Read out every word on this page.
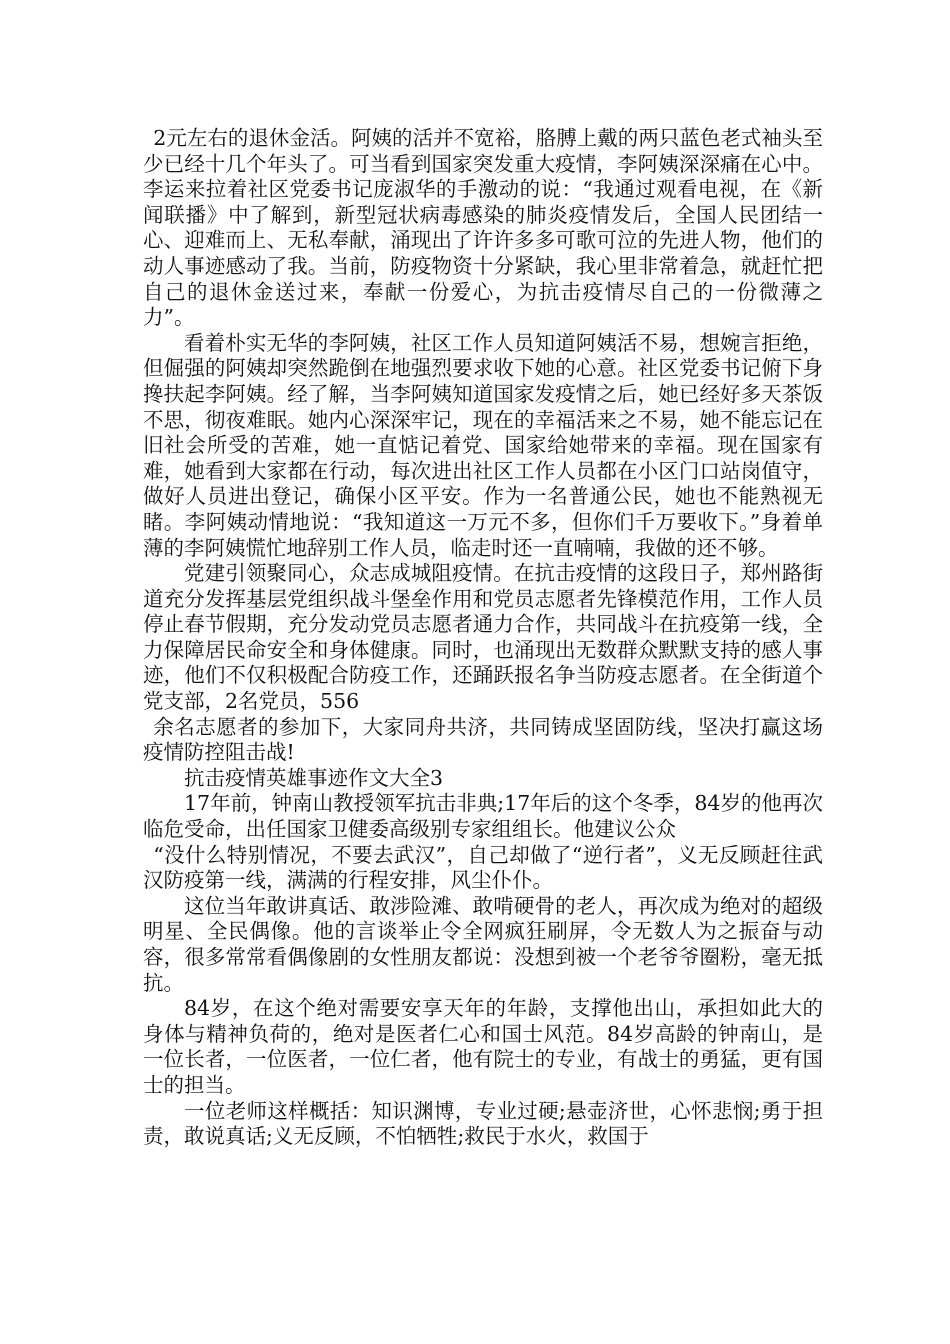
2元左右的退休金活。阿姨的活并不宽裕，胳膊上戴的两只蓝色老式袖头至少已经十几个年头了。可当看到国家突发重大疫情，李阿姨深深痛在心中。李运来拉着社区党委书记庞淑华的手激动的说：“我通过观看电视，在《新闻联播》中了解到，新型冠状病毒感染的肺炎疫情发后，全国人民团结一心、迎难而上、无私奉献，涌现出了许许多多可歌可泣的先进人物，他们的动人事迹感动了我。当前，防疫物资十分紧缺，我心里非常着急，就赶忙把自己的退休金送过来，奉献一份爱心，为抗击疫情尽自己的一份微薄之力”。

看着朴实无华的李阿姨，社区工作人员知道阿姨活不易，想婉言拒绝，但倔强的阿姨却突然跪倒在地强烈要求收下她的心意。社区党委书记俯下身搀扶起李阿姨。经了解，当李阿姨知道国家发疫情之后，她已经好多天茶饭不思，彻夜难眠。她内心深深牢记，现在的幸福活来之不易，她不能忘记在旧社会所受的苦难，她一直惦记着党、国家给她带来的幸福。现在国家有难，她看到大家都在行动，每次进出社区工作人员都在小区门口站岗值守，做好人员进出登记，确保小区平安。作为一名普通公民，她也不能熟视无睹。李阿姨动情地说：“我知道这一万元不多，但你们千万要收下。”身着单薄的李阿姨慌忙地辞别工作人员，临走时还一直喃喃，我做的还不够。

党建引领聚同心，众志成城阻疫情。在抗击疫情的这段日子，郑州路街道充分发挥基层党组织战斗堡垒作用和党员志愿者先锋模范作用，工作人员停止春节假期，充分发动党员志愿者通力合作，共同战斗在抗疫第一线，全力保障居民命安全和身体健康。同时，也涌现出无数群众默默支持的感人事迹，他们不仅积极配合防疫工作，还踊跃报名争当防疫志愿者。在全街道个党支部，2名党员，556

余名志愿者的参加下，大家同舟共济，共同铸成坚固防线，坚决打赢这场疫情防控阻击战!

抗击疫情英雄事迹作文大全3

17年前，钟南山教授领军抗击非典;17年后的这个冬季，84岁的他再次临危受命，出任国家卫健委高级别专家组组长。他建议公众

“没什么特别情况，不要去武汉”，自己却做了“逆行者”，义无反顾赶往武汉防疫第一线，满满的行程安排，风尘仆仆。

这位当年敢讲真话、敢涉险滩、敢啃硬骨的老人，再次成为绝对的超级明星、全民偶像。他的言谈举止令全网疯狂刷屏，令无数人为之振奋与动容，很多常常看偶像剧的女性朋友都说：没想到被一个老爷爷圈粉，毫无抵抗。

84岁，在这个绝对需要安享天年的年龄，支撑他出山，承担如此大的身体与精神负荷的，绝对是医者仁心和国士风范。84岁高龄的钟南山，是一位长者，一位医者，一位仁者，他有院士的专业，有战士的勇猛，更有国士的担当。

一位老师这样概括：知识渊博，专业过硬;悬壶济世，心怀悲悯;勇于担责，敢说真话;义无反顾，不怕牺牲;救民于水火，救国于
